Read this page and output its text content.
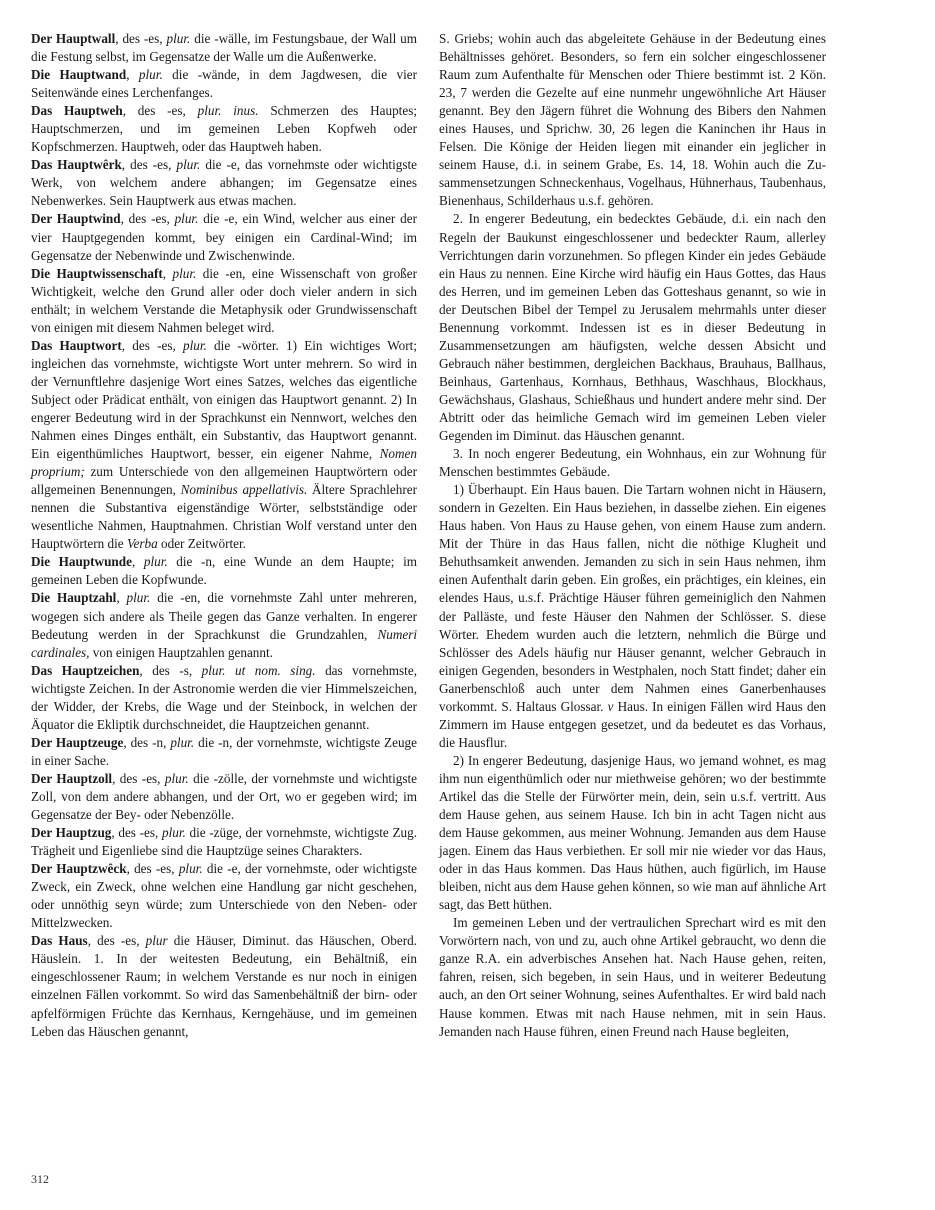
Der Hauptwall, des -es, plur. die -wälle, im Festungsbaue, der Wall um die Festung selbst, im Gegensatze der Walle um die Außenwerke.

Die Hauptwand, plur. die -wände, in dem Jagdwesen, die vier Seitenwände eines Lerchenfanges.

Das Hauptweh, des -es, plur. inus. Schmerzen des Hauptes; Hauptschmerzen, und im gemeinen Leben Kopfweh oder Kopfschmerzen. Hauptweh, oder das Hauptweh haben.

Das Hauptwêrk, des -es, plur. die -e, das vornehmste oder wichtigste Werk, von welchem andere abhangen; im Gegensatze eines Nebenwerkes. Sein Hauptwerk aus etwas machen.

Der Hauptwind, des -es, plur. die -e, ein Wind, welcher aus einer der vier Hauptgegenden kommt, bey einigen ein Cardinal-Wind; im Gegensatze der Nebenwinde und Zwischenwinde.

Die Hauptwissenschaft, plur. die -en, eine Wissenschaft von großer Wichtigkeit, welche den Grund aller oder doch vieler andern in sich enthält; in welchem Verstande die Metaphysik oder Grundwissenschaft von einigen mit diesem Nahmen beleget wird.

Das Hauptwort, des -es, plur. die -wörter. 1) Ein wichtiges Wort; ingleichen das vornehmste, wichtigste Wort unter mehrern. So wird in der Vernunftlehre dasjenige Wort eines Satzes, welches das eigentliche Subject oder Prädicat enthält, von einigen das Hauptwort genannt. 2) In engerer Bedeutung wird in der Sprachkunst ein Nennwort, welches den Nahmen eines Dinges enthält, ein Substantiv, das Hauptwort genannt. Ein eigenthümliches Hauptwort, besser, ein eigener Nahme, Nomen proprium; zum Unterschiede von den allgemeinen Hauptwörtern oder allgemeinen Benennungen, Nominibus appellativis. Ältere Sprachlehrer nennen die Substantiva eigenständige Wörter, selbstständige oder wesentliche Nahmen, Hauptnahmen. Christian Wolf verstand unter den Hauptwörtern die Verba oder Zeitwörter.

Die Hauptwunde, plur. die -n, eine Wunde an dem Haupte; im gemeinen Leben die Kopfwunde.

Die Hauptzahl, plur. die -en, die vornehmste Zahl unter mehreren, wogegen sich andere als Theile gegen das Ganze verhalten. In engerer Bedeutung werden in der Sprachkunst die Grundzahlen, Numeri cardinales, von einigen Hauptzahlen genannt.

Das Hauptzeichen, des -s, plur. ut nom. sing. das vornehmste, wichtigste Zeichen. In der Astronomie werden die vier Himmelszeichen, der Widder, der Krebs, die Wage und der Steinbock, in welchen der Äquator die Ekliptik durchschneidet, die Hauptzeichen genannt.

Der Hauptzeuge, des -n, plur. die -n, der vornehmste, wichtigste Zeuge in einer Sache.

Der Hauptzoll, des -es, plur. die -zölle, der vornehmste und wichtigste Zoll, von dem andere abhangen, und der Ort, wo er gegeben wird; im Gegensatze der Bey- oder Nebenzölle.

Der Hauptzug, des -es, plur. die -züge, der vornehmste, wichtigste Zug. Trägheit und Eigenliebe sind die Hauptzüge seines Charakters.

Der Hauptzwêck, des -es, plur. die -e, der vornehmste, oder wichtigste Zweck, ein Zweck, ohne welchen eine Handlung gar nicht geschehen, oder unnöthig seyn würde; zum Unterschiede von den Neben- oder Mittelzwecken.

Das Haus, des -es, plur die Häuser, Diminut. das Häuschen, Oberd. Häuslein. 1. In der weitesten Bedeutung, ein Behältniß, ein eingeschlossener Raum; in welchem Verstande es nur noch in einigen einzelnen Fällen vorkommt. So wird das Samenbehältniß der birn- oder apfelförmigen Früchte das Kernhaus, Kerngehäuse, und im gemeinen Leben das Häuschen genannt,

S. Griebs; wohin auch das abgeleitete Gehäuse in der Bedeutung eines Behältnisses gehöret. Besonders, so fern ein solcher eingeschlossener Raum zum Aufenthalte für Menschen oder Thiere bestimmt ist. 2 Kön. 23, 7 werden die Gezelte auf eine nunmehr ungewöhnliche Art Häuser genannt. Bey den Jägern führet die Wohnung des Bibers den Nahmen eines Hauses, und Sprichw. 30, 26 legen die Kaninchen ihr Haus in Felsen. Die Könige der Heiden liegen mit einander ein jeglicher in seinem Hause, d.i. in seinem Grabe, Es. 14, 18. Wohin auch die Zusammensetzungen Schneckenhaus, Vogelhaus, Hühnerhaus, Taubenhaus, Bienenhaus, Schilderhaus u.s.f. gehören.

2. In engerer Bedeutung, ein bedecktes Gebäude, d.i. ein nach den Regeln der Baukunst eingeschlossener und bedeckter Raum, allerley Verrichtungen darin vorzunehmen. So pflegen Kinder ein jedes Gebäude ein Haus zu nennen. Eine Kirche wird häufig ein Haus Gottes, das Haus des Herren, und im gemeinen Leben das Gotteshaus genannt, so wie in der Deutschen Bibel der Tempel zu Jerusalem mehrmahls unter dieser Benennung vorkommt. Indessen ist es in dieser Bedeutung in Zusammensetzungen am häufigsten, welche dessen Absicht und Gebrauch näher bestimmen, dergleichen Backhaus, Brauhaus, Ballhaus, Beinhaus, Gartenhaus, Kornhaus, Bethhaus, Waschhaus, Blockhaus, Gewächshaus, Glashaus, Schießhaus und hundert andere mehr sind. Der Abtritt oder das heimliche Gemach wird im gemeinen Leben vieler Gegenden im Diminut. das Häuschen genannt.

3. In noch engerer Bedeutung, ein Wohnhaus, ein zur Wohnung für Menschen bestimmtes Gebäude.

1) Überhaupt. Ein Haus bauen. Die Tartarn wohnen nicht in Häusern, sondern in Gezelten. Ein Haus beziehen, in dasselbe ziehen. Ein eigenes Haus haben. Von Haus zu Hause gehen, von einem Hause zum andern. Mit der Thüre in das Haus fallen, nicht die nöthige Klugheit und Behuthsamkeit anwenden. Jemanden zu sich in sein Haus nehmen, ihm einen Aufenthalt darin geben. Ein großes, ein prächtiges, ein kleines, ein elendes Haus, u.s.f. Prächtige Häuser führen gemeiniglich den Nahmen der Palläste, und feste Häuser den Nahmen der Schlösser. S. diese Wörter. Ehedem wurden auch die letztern, nehmlich die Bürge und Schlösser des Adels häufig nur Häuser genannt, welcher Gebrauch in einigen Gegenden, besonders in Westphalen, noch Statt findet; daher ein Ganerbenschloß auch unter dem Nahmen eines Ganerbenhauses vorkommt. S. Haltaus Glossar. v Haus. In einigen Fällen wird Haus den Zimmern im Hause entgegen gesetzet, und da bedeutet es das Vorhaus, die Hausflur.

2) In engerer Bedeutung, dasjenige Haus, wo jemand wohnet, es mag ihm nun eigenthümlich oder nur miethweise gehören; wo der bestimmte Artikel das die Stelle der Fürwörter mein, dein, sein u.s.f. vertritt. Aus dem Hause gehen, aus seinem Hause. Ich bin in acht Tagen nicht aus dem Hause gekommen, aus meiner Wohnung. Jemanden aus dem Hause jagen. Einem das Haus verbiethen. Er soll mir nie wieder vor das Haus, oder in das Haus kommen. Das Haus hüthen, auch figürlich, im Hause bleiben, nicht aus dem Hause gehen können, so wie man auf ähnliche Art sagt, das Bett hüthen.

Im gemeinen Leben und der vertraulichen Sprechart wird es mit den Vorwörtern nach, von und zu, auch ohne Artikel gebraucht, wo denn die ganze R.A. ein adverbisches Ansehen hat. Nach Hause gehen, reiten, fahren, reisen, sich begeben, in sein Haus, und in weiterer Bedeutung auch, an den Ort seiner Wohnung, seines Aufenthaltes. Er wird bald nach Hause kommen. Etwas mit nach Hause nehmen, mit in sein Haus. Jemanden nach Hause führen, einen Freund nach Hause begleiten,

312
